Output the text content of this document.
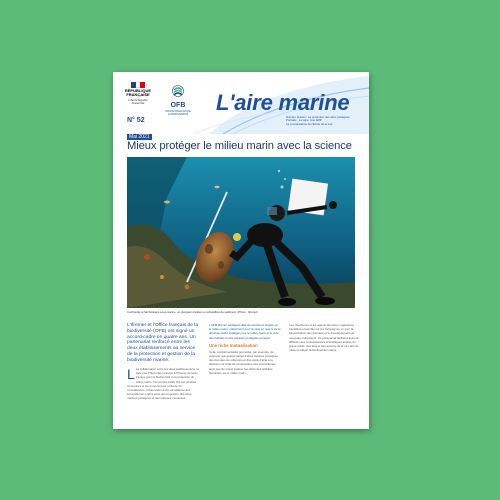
RÉPUBLIQUE FRANÇAISE
Liberté Égalité Fraternité	OFB
OFFICE FRANÇAIS DE LA BIODIVERSITÉ L'aire marine
Numéro dossier : La protection des aires protégées
Portraits : La vigie, Une AMP
La connaissance de l'Etude de la mer
N° 52
Mai 2021
Mieux protéger le milieu marin avec la science
Confrontés à l'archéologie sous-marine, un plongeur prélève un échantillon de sédiment. (Photo : Ifremer)
L'Ifremer et l'Office français de la biodiversité (OFB) ont signé un accord-cadre en quatre ans. Un partenariat renforcé entre les deux établissements au service de la protection et gestion de la biodiversité marine.
L La collaboration entre les deux établissements ne date pas d'hier mais renforce à l'Ifremer de leurs travaux pour la biodiversité et la protection du milieu marin. Cet accord-cadre fixe les priorités communes et les moyens pour renforcer la connaissance, l'observation et la surveillance des écosystèmes marins ainsi que la gestion des aires marines protégées et des espèces menacées.
L'OFB Ifremer partagent déjà de nombreux projets sur le milieu marin, notamment pour la mise en œuvre de la directive-cadre stratégie pour le milieu marin et le suivi des habitats et des espèces protégées au large.
Une riche mutualisation
Cette complémentarité permettra, par exemple, de proposer aux gestionnaires d'aires marines protégées des données de référence et des outils d'aide à la décision sur l'état de conservation des écosystèmes, ainsi que de mieux évaluer les effets des activités humaines sur le milieu marin.
Les chercheurs et les agents des deux organismes travaillent ensemble sur les campagnes en mer, la bancarisation des données et le développement de nouveaux indicateurs. Ce partenariat facilitera aussi la diffusion des connaissances scientifiques auprès du grand public, des élus et des acteurs de la mer afin de mieux protéger la biodiversité marine.
